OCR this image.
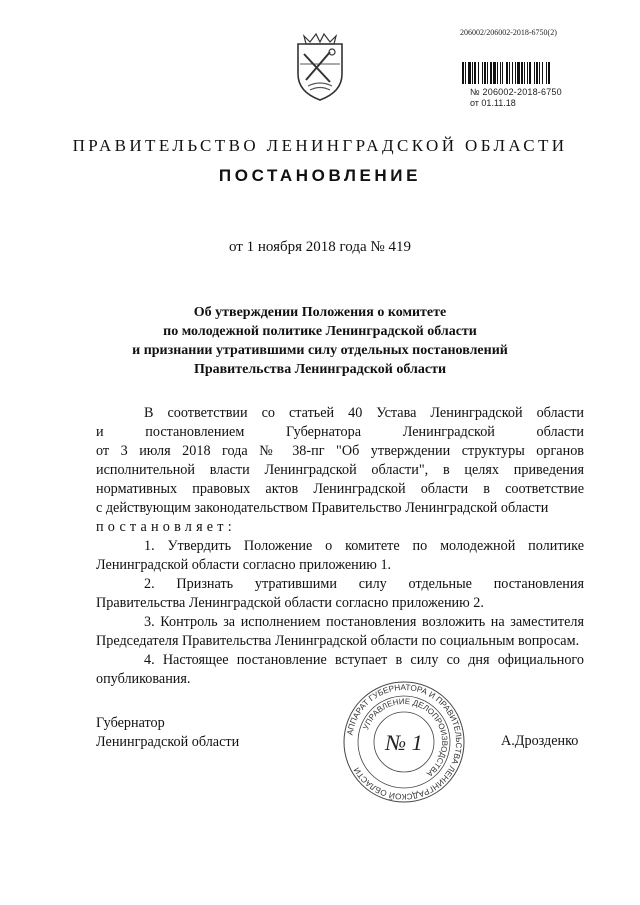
206002/206002-2018-6750(2)
№ 206002-2018-6750
от 01.11.18
ПРАВИТЕЛЬСТВО ЛЕНИНГРАДСКОЙ ОБЛАСТИ
ПОСТАНОВЛЕНИЕ
от 1 ноября 2018 года № 419
Об утверждении Положения о комитете
по молодежной политике Ленинградской области
и признании утратившими силу отдельных постановлений
Правительства Ленинградской области
В соответствии со статьей 40 Устава Ленинградской области
и постановлением Губернатора Ленинградской области
от 3 июля 2018 года № 38-пг "Об утверждении структуры органов
исполнительной власти Ленинградской области", в целях приведения
нормативных правовых актов Ленинградской области в соответствие
с действующим законодательством Правительство Ленинградской области
постановляет:
1. Утвердить Положение о комитете по молодежной политике Ленинградской области согласно приложению 1.
2. Признать утратившими силу отдельные постановления Правительства Ленинградской области согласно приложению 2.
3. Контроль за исполнением постановления возложить на заместителя Председателя Правительства Ленинградской области по социальным вопросам.
4. Настоящее постановление вступает в силу со дня официального опубликования.
Губернатор
Ленинградской области	А.Дрозденко
АППАРАТ ГУБЕРНАТОРА И ПРАВИТЕЛЬСТВА ЛЕНИНГРАДСКОЙ ОБЛАСТИ
УПРАВЛЕНИЕ ДЕЛОПРОИЗВОДСТВА
№ 1
